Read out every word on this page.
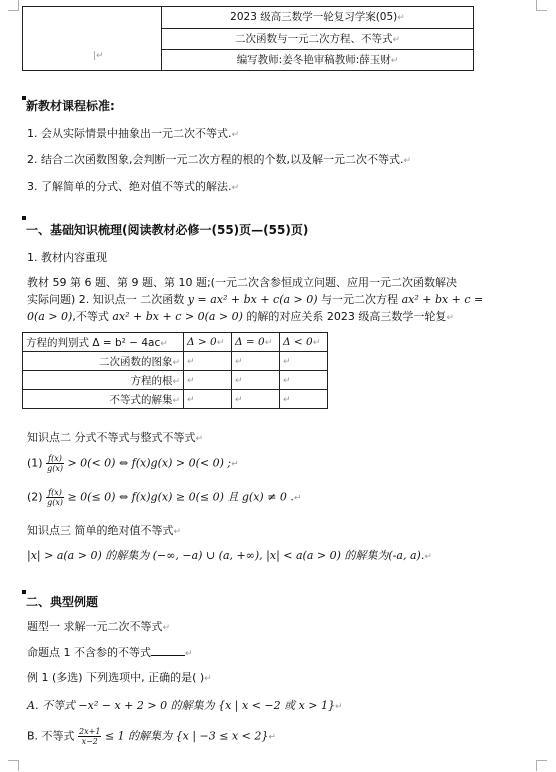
|↵
2023 级高三数学一轮复习学案(05)↵
二次函数与一元二次方程、不等式↵
编写教师:姜冬艳审稿教师:薛玉财↵
新教材课程标准:
1. 会从实际情景中抽象出一元二次不等式.↵
2. 结合二次函数图象,会判断一元二次方程的根的个数,以及解一元二次不等式.↵
3. 了解简单的分式、绝对值不等式的解法.↵
一、基础知识梳理(阅读教材必修一(55)页—(55)页)
1. 教材内容重现
教材 59 第 6 题、第 9 题、第 10 题;(一元二次含参恒成立问题、应用一元二次函数解决
实际问题) 2. 知识点一 二次函数 y = ax² + bx + c(a > 0) 与一元二次方程 ax² + bx + c =
0(a > 0),不等式 ax² + bx + c > 0(a > 0) 的解的对应关系 2023 级高三数学一轮复↵
方程的判别式 Δ = b² − 4ac↵	Δ > 0↵	Δ = 0↵	Δ < 0↵
二次函数的图象↵	↵	↵	↵
方程的根↵	↵	↵	↵
不等式的解集↵	↵	↵	↵
知识点二 分式不等式与整式不等式↵
$(1) \frac{f(x)}{g(x)} > 0(< 0)$ ⇔ f(x)g(x) > 0(< 0) ;↵
$(2) \frac{f(x)}{g(x)} \ge 0(\le 0)$ ⇔ f(x)g(x) ≥ 0(≤ 0) 且 g(x) ≠ 0 .↵
知识点三 简单的绝对值不等式↵
|x| > a(a > 0) 的解集为 (−∞, −a) ∪ (a, +∞), |x| < a(a > 0) 的解集为(-a, a).↵
二、典型例题
题型一 求解一元二次不等式↵
命题点 1 不含参的不等式	↵
例 1 (多选) 下列选项中, 正确的是( )↵
A. 不等式 −x² − x + 2 > 0 的解集为 {x | x < −2 或 x > 1}↵
B. 不等式 $\frac{2x+1}{x-2} \le 1$ 的解集为 {x | −3 ≤ x < 2}↵
